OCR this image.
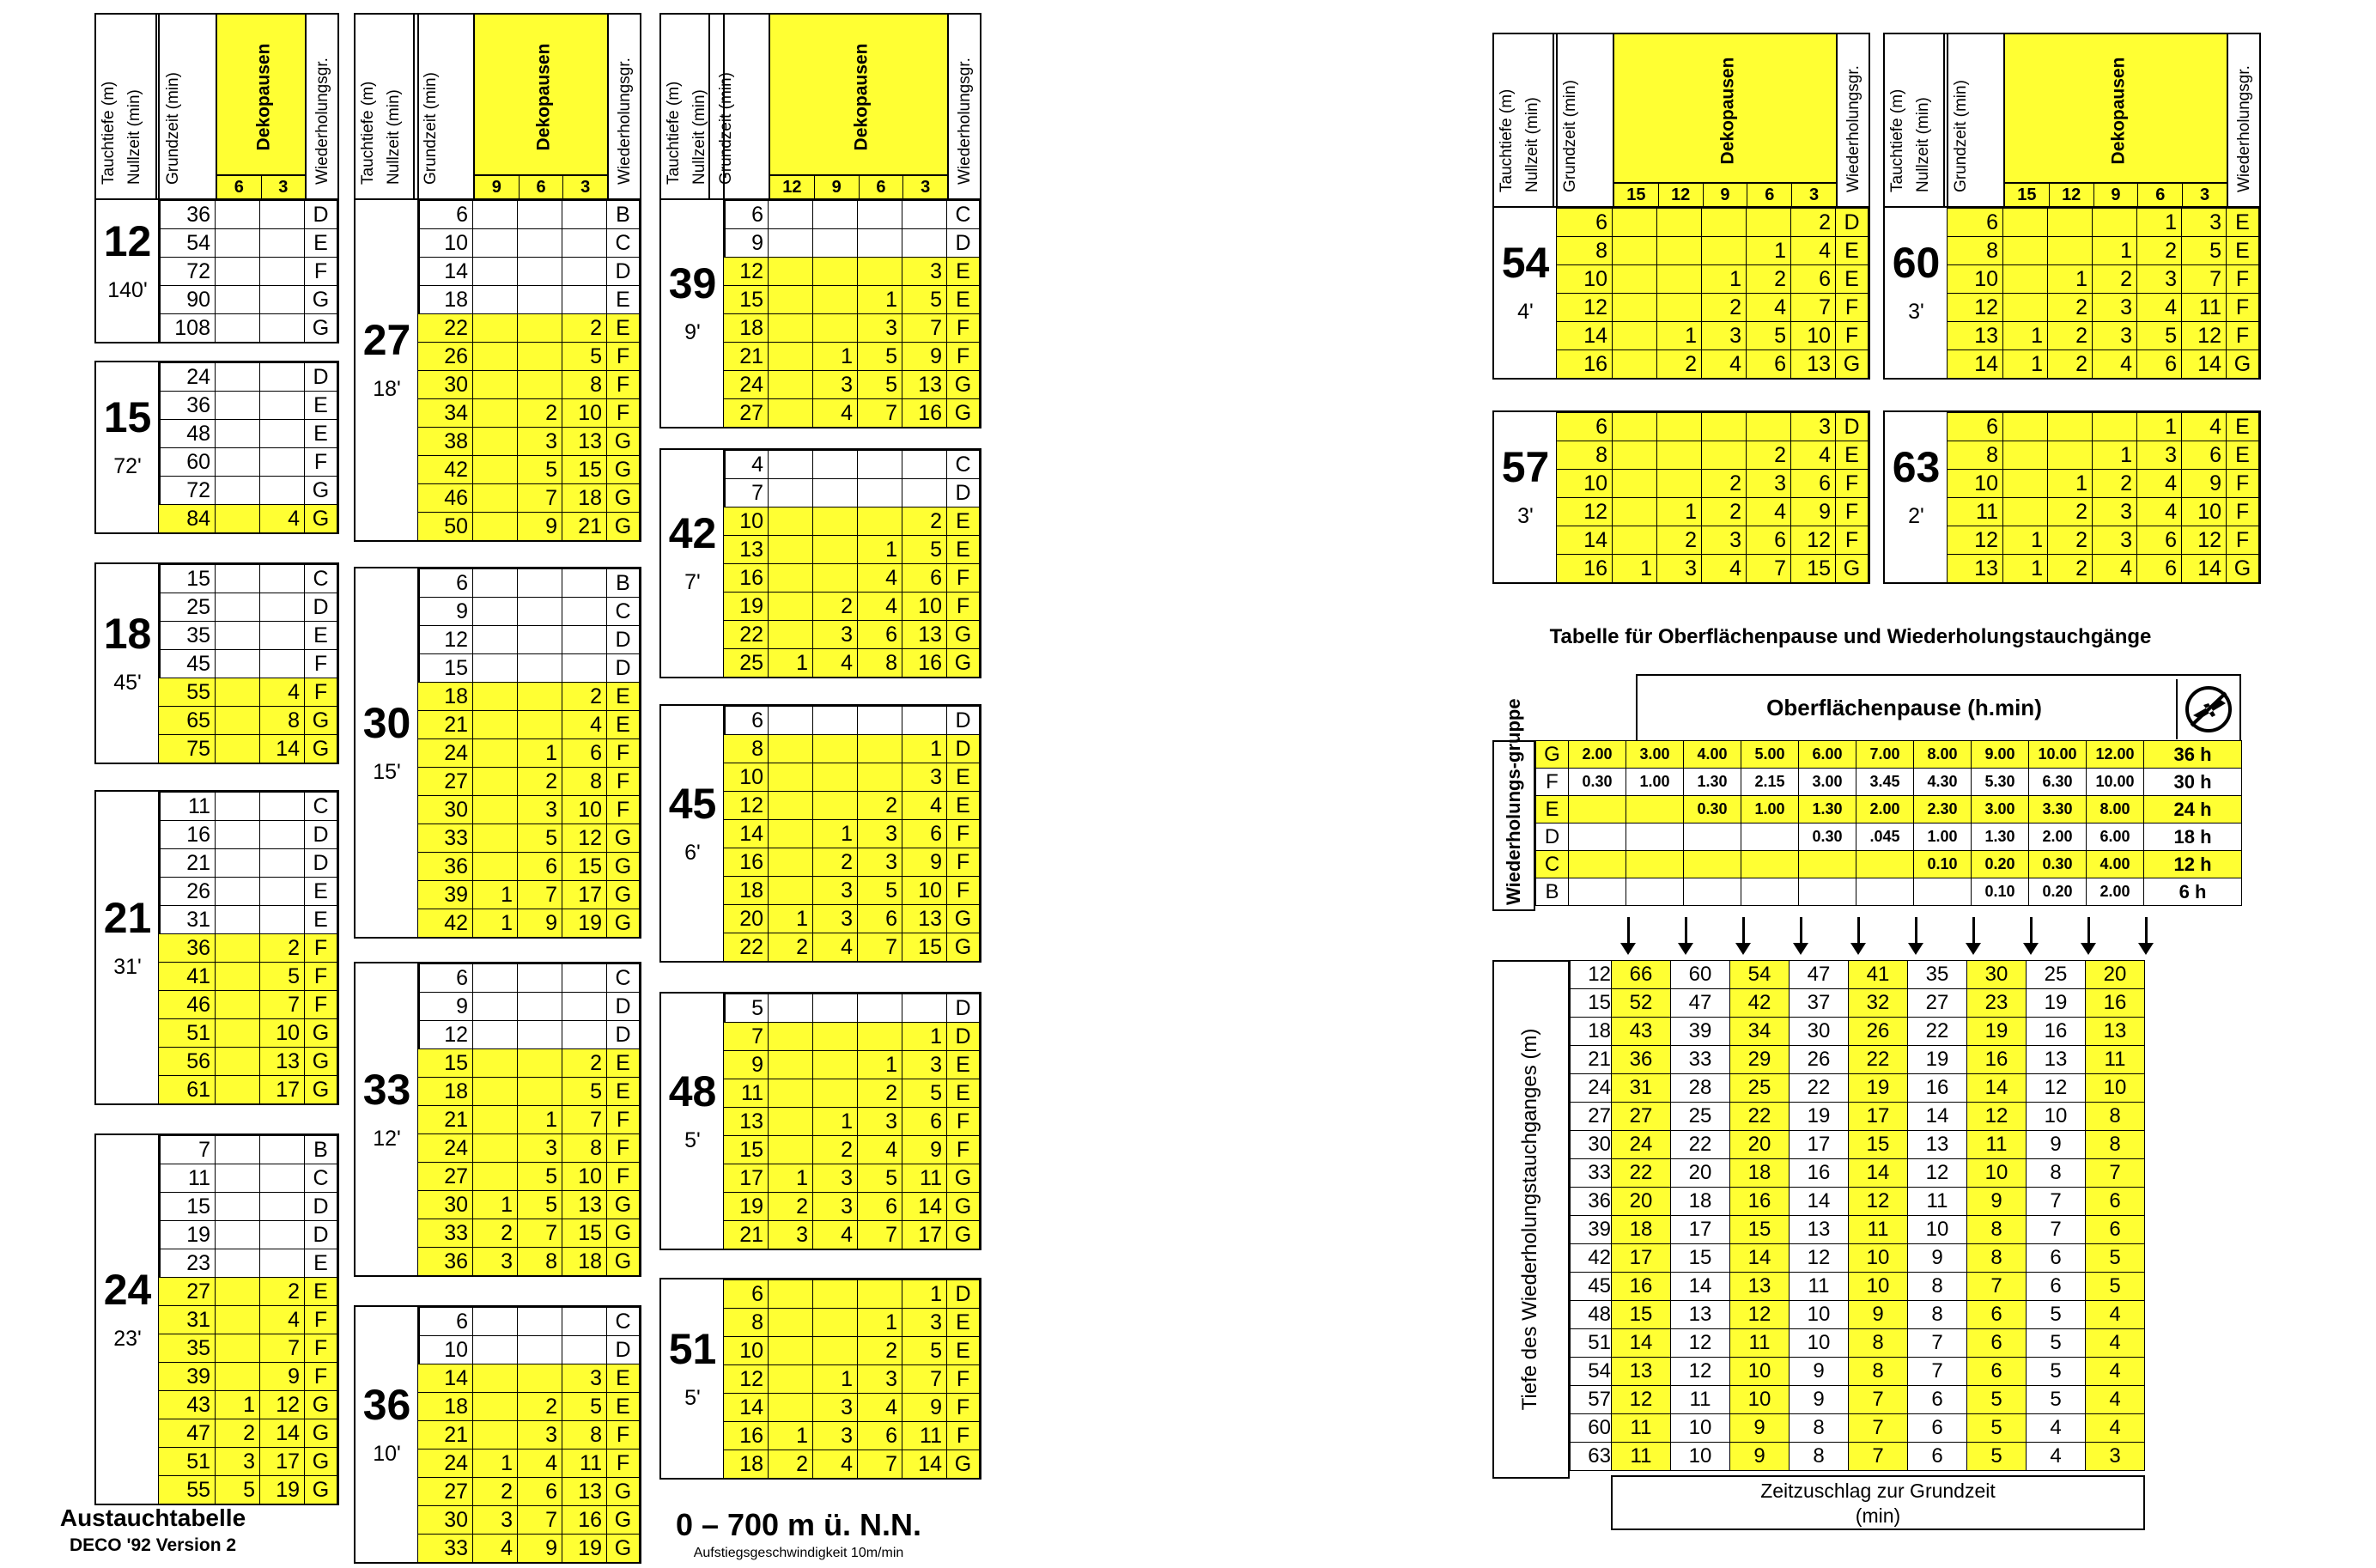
Tauchtiefe (m) Nullzeit (min) Grundzeit (min)	Wiederholungsgr.
Dekopausen
6	3
12
140'
36			D
54			E
72			F
90			G
108			G
15
72'
24			D
36			E
48			E
60			F
72			G
84		4	G
18
45'
15			C
25			D
35			E
45			F
55		4	F
65		8	G
75		14	G
21
31'
11			C
16			D
21			D
26			E
31			E
36		2	F
41		5	F
46		7	F
51		10	G
56		13	G
61		17	G
24
23'
7			B
11			C
15			D
19			D
23			E
27		2	E
31		4	F
35		7	F
39		9	F
43	1	12	G
47	2	14	G
51	3	17	G
55	5	19	G
Tauchtiefe (m) Nullzeit (min) Grundzeit (min)	Wiederholungsgr.
Dekopausen
9	6	3
27
18'
6				B
10				C
14				D
18				E
22			2	E
26			5	F
30			8	F
34		2	10	F
38		3	13	G
42		5	15	G
46		7	18	G
50		9	21	G
30
15'
6				B
9				C
12				D
15				D
18			2	E
21			4	E
24		1	6	F
27		2	8	F
30		3	10	F
33		5	12	G
36		6	15	G
39	1	7	17	G
42	1	9	19	G
33
12'
6				C
9				D
12				D
15			2	E
18			5	E
21		1	7	F
24		3	8	F
27		5	10	F
30	1	5	13	G
33	2	7	15	G
36	3	8	18	G
36
10'
6				C
10				D
14			3	E
18		2	5	E
21		3	8	F
24	1	4	11	F
27	2	6	13	G
30	3	7	16	G
33	4	9	19	G
Tauchtiefe (m) Nullzeit (min) Grundzeit (min)	Wiederholungsgr.
Dekopausen
12	9	6	3
39
9'
6					C
9					D
12				3	E
15			1	5	E
18			3	7	F
21		1	5	9	F
24		3	5	13	G
27		4	7	16	G
42
7'
4					C
7					D
10				2	E
13			1	5	E
16			4	6	F
19		2	4	10	F
22		3	6	13	G
25	1	4	8	16	G
45
6'
6					D
8				1	D
10				3	E
12			2	4	E
14		1	3	6	F
16		2	3	9	F
18		3	5	10	F
20	1	3	6	13	G
22	2	4	7	15	G
48
5'
5					D
7				1	D
9			1	3	E
11			2	5	E
13		1	3	6	F
15		2	4	9	F
17	1	3	5	11	G
19	2	3	6	14	G
21	3	4	7	17	G
51
5'
6				1	D
8			1	3	E
10			2	5	E
12		1	3	7	F
14		3	4	9	F
16	1	3	6	11	F
18	2	4	7	14	G
Tauchtiefe (m) Nullzeit (min) Grundzeit (min)	Wiederholungsgr.
Dekopausen
15	12	9	6	3
54
4'
6					2	D
8				1	4	E
10			1	2	6	E
12			2	4	7	F
14		1	3	5	10	F
16		2	4	6	13	G
57
3'
6					3	D
8				2	4	E
10			2	3	6	F
12		1	2	4	9	F
14		2	3	6	12	F
16	1	3	4	7	15	G
Tauchtiefe (m) Nullzeit (min) Grundzeit (min)	Wiederholungsgr.
Dekopausen
15	12	9	6	3
60
3'
6				1	3	E
8			1	2	5	E
10		1	2	3	7	F
12		2	3	4	11	F
13	1	2	3	5	12	F
14	1	2	4	6	14	G
63
2'
6				1	4	E
8			1	3	6	E
10		1	2	4	9	F
11		2	3	4	10	F
12	1	2	3	6	12	F
13	1	2	4	6	14	G
Austauchtabelle
DECO '92 Version 2
0 – 700 m ü. N.N.
Aufstiegsgeschwindigkeit 10m/min
Tabelle für Oberflächenpause und Wiederholungstauchgänge
Oberflächenpause (h.min)
Wiederholungs-gruppe G	2.00	3.00	4.00	5.00	6.00	7.00	8.00	9.00	10.00	12.00	36 h
F	0.30	1.00	1.30	2.15	3.00	3.45	4.30	5.30	6.30	10.00	30 h
E			0.30	1.00	1.30	2.00	2.30	3.00	3.30	8.00	24 h
D					0.30	.045	1.00	1.30	2.00	6.00	18 h
C							0.10	0.20	0.30	4.00	12 h
B								0.10	0.20	2.00	6 h
Tiefe des Wiederholungstauchganges (m)
12	66	60	54	47	41	35	30	25	20
15	52	47	42	37	32	27	23	19	16
18	43	39	34	30	26	22	19	16	13
21	36	33	29	26	22	19	16	13	11
24	31	28	25	22	19	16	14	12	10
27	27	25	22	19	17	14	12	10	8
30	24	22	20	17	15	13	11	9	8
33	22	20	18	16	14	12	10	8	7
36	20	18	16	14	12	11	9	7	6
39	18	17	15	13	11	10	8	7	6
42	17	15	14	12	10	9	8	6	5
45	16	14	13	11	10	8	7	6	5
48	15	13	12	10	9	8	6	5	4
51	14	12	11	10	8	7	6	5	4
54	13	12	10	9	8	7	6	5	4
57	12	11	10	9	7	6	5	5	4
60	11	10	9	8	7	6	5	4	4
63	11	10	9	8	7	6	5	4	3
Zeitzuschlag zur Grundzeit (min)
